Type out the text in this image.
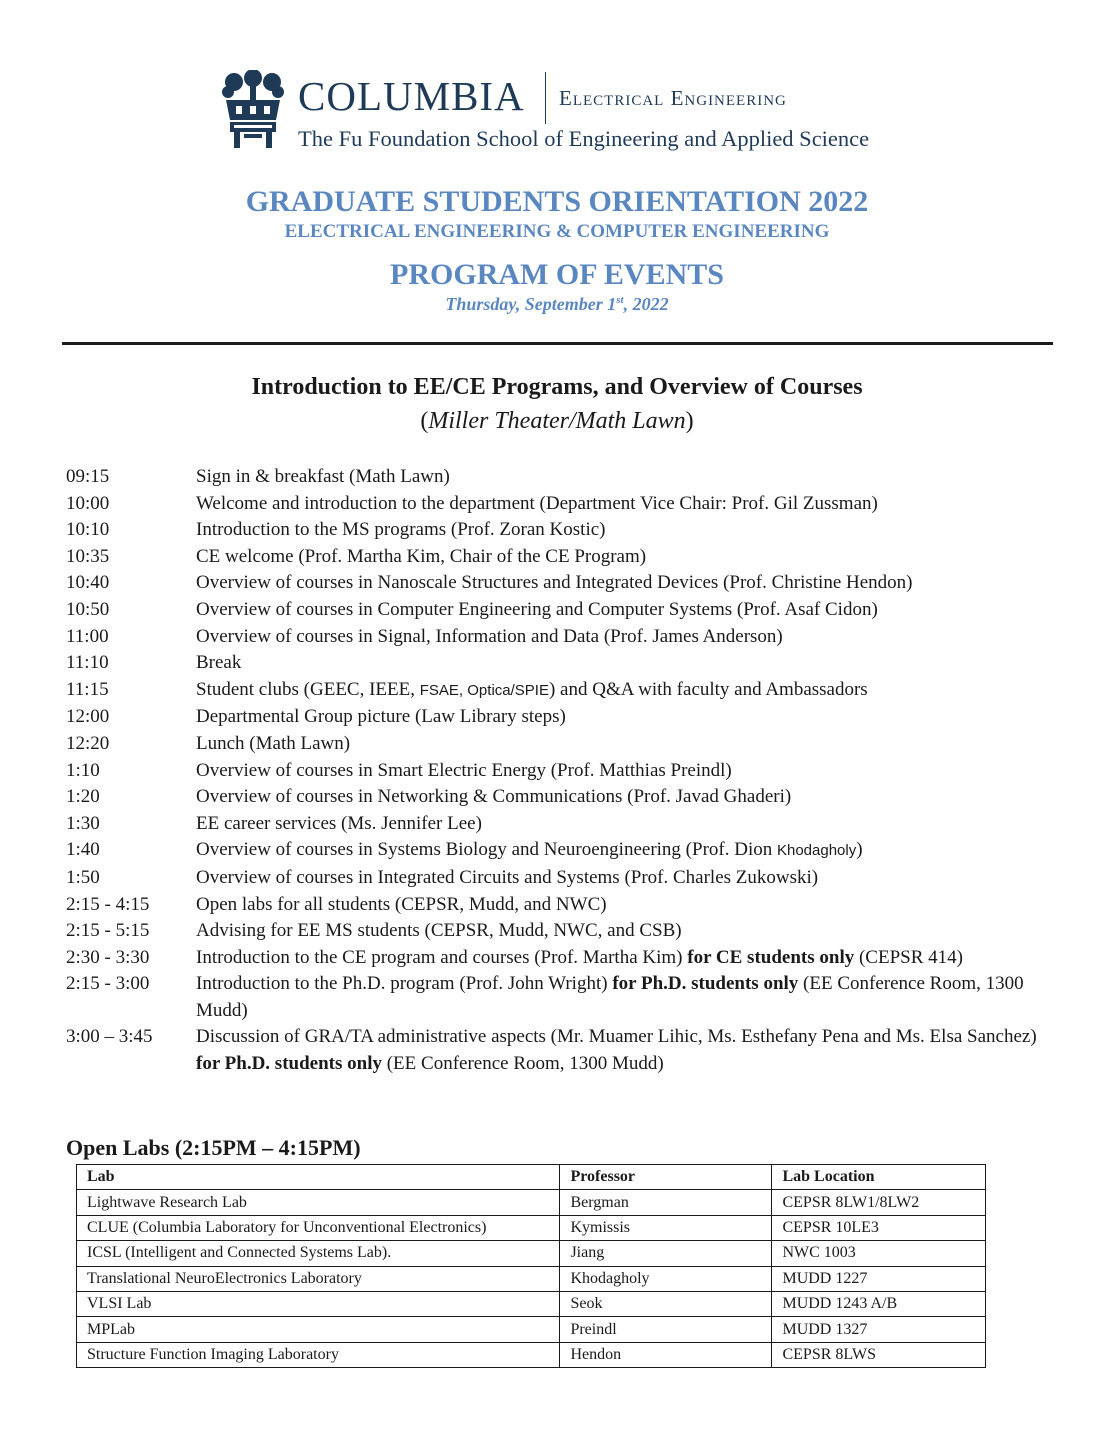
COLUMBIA Electrical Engineering
The Fu Foundation School of Engineering and Applied Science
GRADUATE STUDENTS ORIENTATION 2022
ELECTRICAL ENGINEERING & COMPUTER ENGINEERING
PROGRAM OF EVENTS
Thursday, September 1st, 2022
Introduction to EE/CE Programs, and Overview of Courses
(Miller Theater/Math Lawn)
09:15	Sign in & breakfast (Math Lawn)
10:00	Welcome and introduction to the department (Department Vice Chair: Prof. Gil Zussman)
10:10	Introduction to the MS programs (Prof. Zoran Kostic)
10:35	CE welcome (Prof. Martha Kim, Chair of the CE Program)
10:40	Overview of courses in Nanoscale Structures and Integrated Devices (Prof. Christine Hendon)
10:50	Overview of courses in Computer Engineering and Computer Systems (Prof. Asaf Cidon)
11:00	Overview of courses in Signal, Information and Data (Prof. James Anderson)
11:10	Break
11:15	Student clubs (GEEC, IEEE, FSAE, Optica/SPIE) and Q&A with faculty and Ambassadors
12:00	Departmental Group picture (Law Library steps)
12:20	Lunch (Math Lawn)
1:10	Overview of courses in Smart Electric Energy (Prof. Matthias Preindl)
1:20	Overview of courses in Networking & Communications (Prof. Javad Ghaderi)
1:30	EE career services (Ms. Jennifer Lee)
1:40	Overview of courses in Systems Biology and Neuroengineering (Prof. Dion Khodagholy)
1:50	Overview of courses in Integrated Circuits and Systems (Prof. Charles Zukowski)
2:15 - 4:15 Open labs for all students (CEPSR, Mudd, and NWC)
2:15 - 5:15 Advising for EE MS students (CEPSR, Mudd, NWC, and CSB)
2:30 - 3:30 Introduction to the CE program and courses (Prof. Martha Kim) for CE students only (CEPSR 414)
2:15 - 3:00 Introduction to the Ph.D. program (Prof. John Wright) for Ph.D. students only (EE Conference Room, 1300 Mudd)
3:00 – 3:45 Discussion of GRA/TA administrative aspects (Mr. Muamer Lihic, Ms. Esthefany Pena and Ms. Elsa Sanchez) for Ph.D. students only (EE Conference Room, 1300 Mudd)
Open Labs (2:15PM – 4:15PM)
Lab	Professor	Lab Location
Lightwave Research Lab	Bergman	CEPSR 8LW1/8LW2
CLUE (Columbia Laboratory for Unconventional Electronics)	Kymissis	CEPSR 10LE3
ICSL (Intelligent and Connected Systems Lab).	Jiang	NWC 1003
Translational NeuroElectronics Laboratory	Khodagholy	MUDD 1227
VLSI Lab	Seok	MUDD 1243 A/B
MPLab	Preindl	MUDD 1327
Structure Function Imaging Laboratory	Hendon	CEPSR 8LWS
